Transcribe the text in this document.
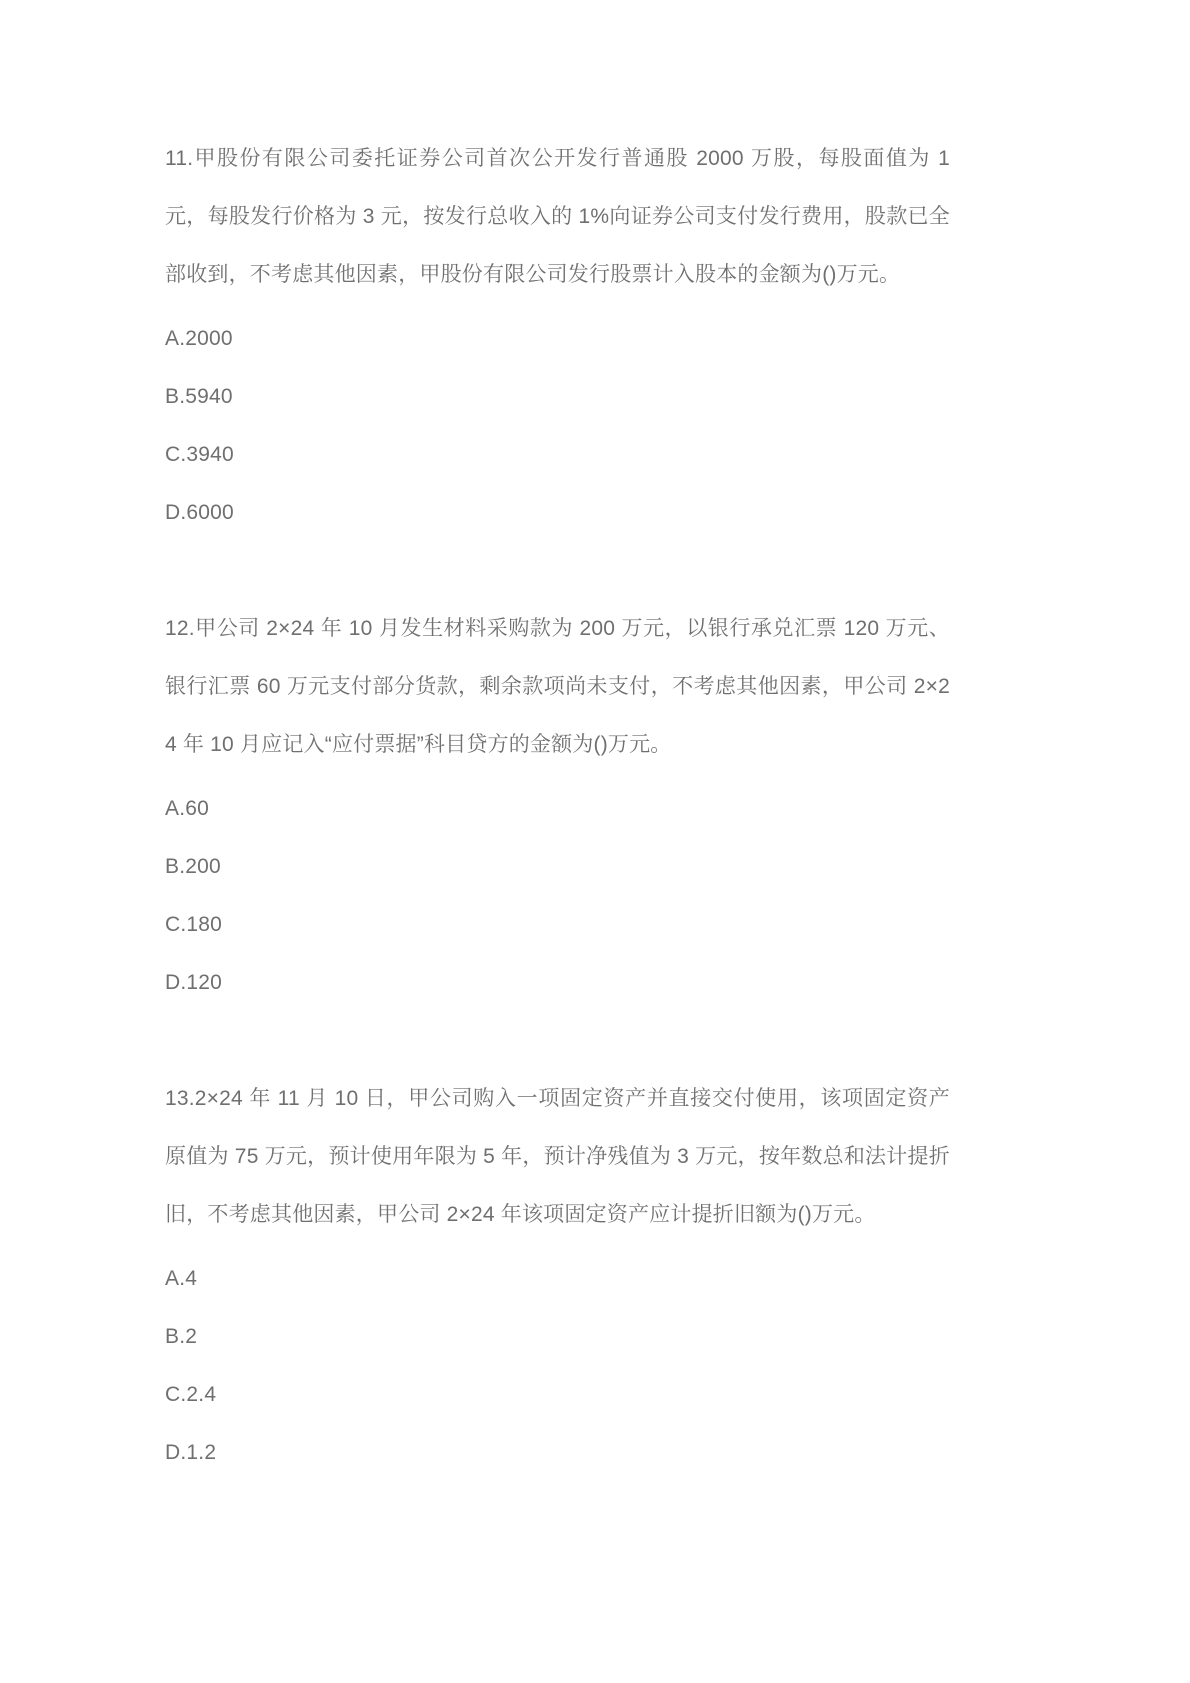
11.甲股份有限公司委托证券公司首次公开发行普通股 2000 万股，每股面值为 1 元，每股发行价格为 3 元，按发行总收入的 1%向证券公司支付发行费用，股款已全部收到，不考虑其他因素，甲股份有限公司发行股票计入股本的金额为()万元。

A.2000
B.5940
C.3940
D.6000

12.甲公司 2×24 年 10 月发生材料采购款为 200 万元，以银行承兑汇票 120 万元、银行汇票 60 万元支付部分货款，剩余款项尚未支付，不考虑其他因素，甲公司 2×24 年 10 月应记入“应付票据”科目贷方的金额为()万元。

A.60
B.200
C.180
D.120

13.2×24 年 11 月 10 日，甲公司购入一项固定资产并直接交付使用，该项固定资产原值为 75 万元，预计使用年限为 5 年，预计净残值为 3 万元，按年数总和法计提折旧，不考虑其他因素，甲公司 2×24 年该项固定资产应计提折旧额为()万元。

A.4
B.2
C.2.4
D.1.2
